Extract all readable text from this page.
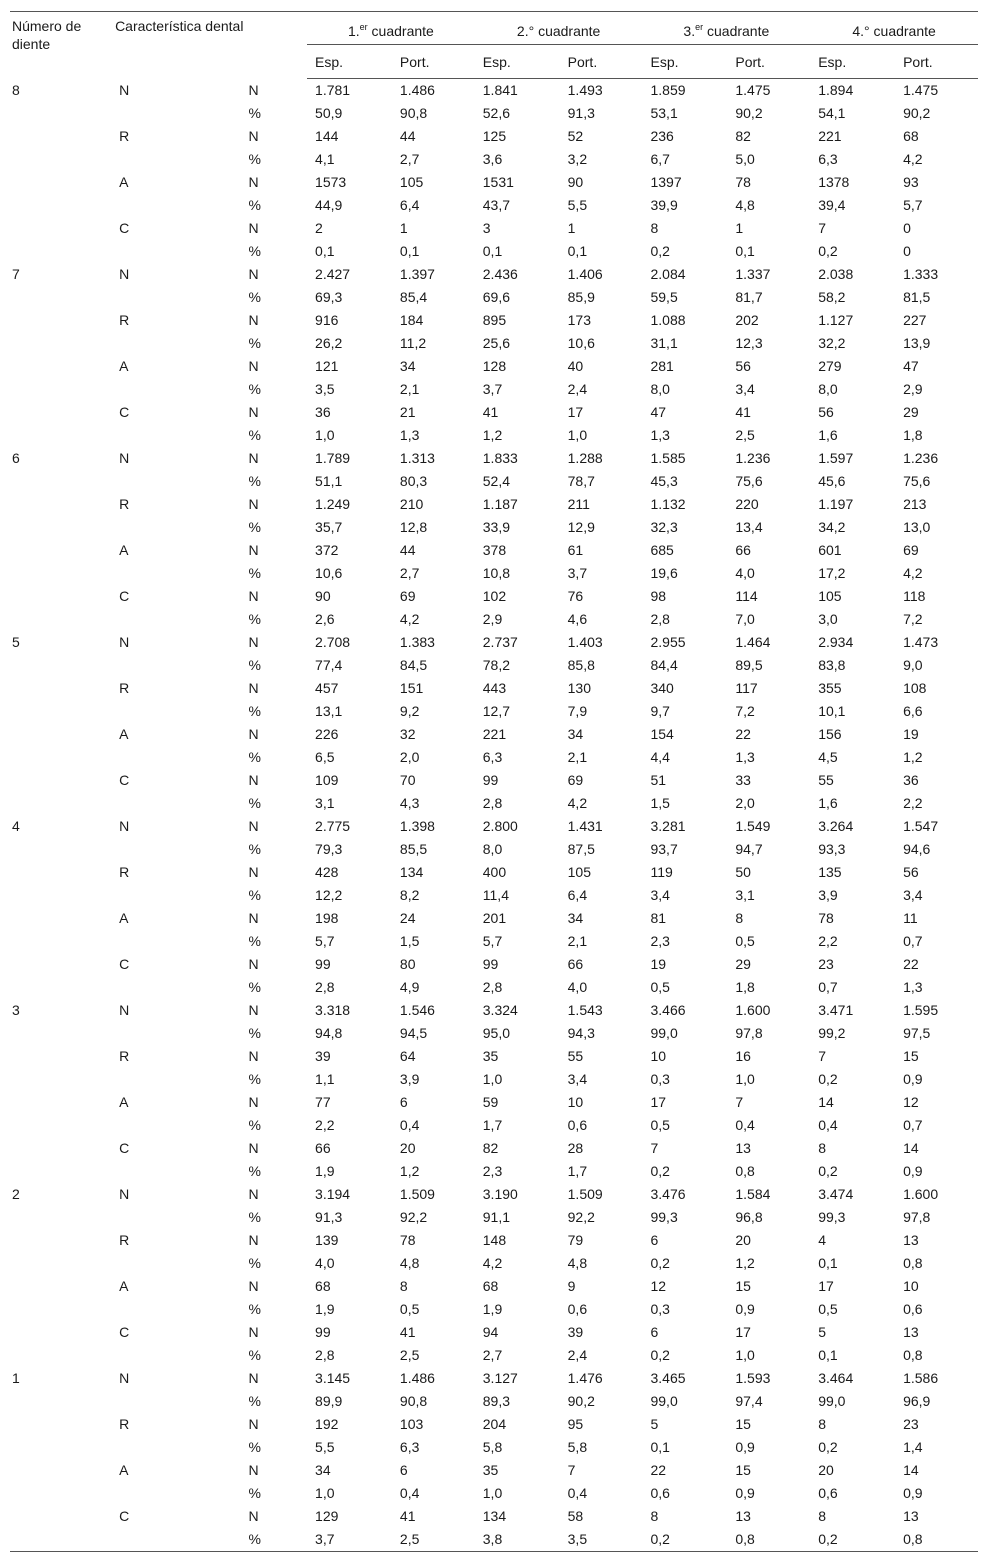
Número de diente	Característica dental		1.$^{er}$ cuadrante		2.° cuadrante		3.$^{er}$ cuadrante		4.° cuadrante	
			Esp.	Port.	Esp.	Port.	Esp.	Port.	Esp.	Port.
8	N	N	1.781	1.486	1.841	1.493	1.859	1.475	1.894	1.475
		%	50,9	90,8	52,6	91,3	53,1	90,2	54,1	90,2
	R	N	144	44	125	52	236	82	221	68
		%	4,1	2,7	3,6	3,2	6,7	5,0	6,3	4,2
	A	N	1573	105	1531	90	1397	78	1378	93
		%	44,9	6,4	43,7	5,5	39,9	4,8	39,4	5,7
	C	N	2	1	3	1	8	1	7	0
		%	0,1	0,1	0,1	0,1	0,2	0,1	0,2	0
7	N	N	2.427	1.397	2.436	1.406	2.084	1.337	2.038	1.333
		%	69,3	85,4	69,6	85,9	59,5	81,7	58,2	81,5
	R	N	916	184	895	173	1.088	202	1.127	227
		%	26,2	11,2	25,6	10,6	31,1	12,3	32,2	13,9
	A	N	121	34	128	40	281	56	279	47
		%	3,5	2,1	3,7	2,4	8,0	3,4	8,0	2,9
	C	N	36	21	41	17	47	41	56	29
		%	1,0	1,3	1,2	1,0	1,3	2,5	1,6	1,8
6	N	N	1.789	1.313	1.833	1.288	1.585	1.236	1.597	1.236
		%	51,1	80,3	52,4	78,7	45,3	75,6	45,6	75,6
	R	N	1.249	210	1.187	211	1.132	220	1.197	213
		%	35,7	12,8	33,9	12,9	32,3	13,4	34,2	13,0
	A	N	372	44	378	61	685	66	601	69
		%	10,6	2,7	10,8	3,7	19,6	4,0	17,2	4,2
	C	N	90	69	102	76	98	114	105	118
		%	2,6	4,2	2,9	4,6	2,8	7,0	3,0	7,2
5	N	N	2.708	1.383	2.737	1.403	2.955	1.464	2.934	1.473
		%	77,4	84,5	78,2	85,8	84,4	89,5	83,8	9,0
	R	N	457	151	443	130	340	117	355	108
		%	13,1	9,2	12,7	7,9	9,7	7,2	10,1	6,6
	A	N	226	32	221	34	154	22	156	19
		%	6,5	2,0	6,3	2,1	4,4	1,3	4,5	1,2
	C	N	109	70	99	69	51	33	55	36
		%	3,1	4,3	2,8	4,2	1,5	2,0	1,6	2,2
4	N	N	2.775	1.398	2.800	1.431	3.281	1.549	3.264	1.547
		%	79,3	85,5	8,0	87,5	93,7	94,7	93,3	94,6
	R	N	428	134	400	105	119	50	135	56
		%	12,2	8,2	11,4	6,4	3,4	3,1	3,9	3,4
	A	N	198	24	201	34	81	8	78	11
		%	5,7	1,5	5,7	2,1	2,3	0,5	2,2	0,7
	C	N	99	80	99	66	19	29	23	22
		%	2,8	4,9	2,8	4,0	0,5	1,8	0,7	1,3
3	N	N	3.318	1.546	3.324	1.543	3.466	1.600	3.471	1.595
		%	94,8	94,5	95,0	94,3	99,0	97,8	99,2	97,5
	R	N	39	64	35	55	10	16	7	15
		%	1,1	3,9	1,0	3,4	0,3	1,0	0,2	0,9
	A	N	77	6	59	10	17	7	14	12
		%	2,2	0,4	1,7	0,6	0,5	0,4	0,4	0,7
	C	N	66	20	82	28	7	13	8	14
		%	1,9	1,2	2,3	1,7	0,2	0,8	0,2	0,9
2	N	N	3.194	1.509	3.190	1.509	3.476	1.584	3.474	1.600
		%	91,3	92,2	91,1	92,2	99,3	96,8	99,3	97,8
	R	N	139	78	148	79	6	20	4	13
		%	4,0	4,8	4,2	4,8	0,2	1,2	0,1	0,8
	A	N	68	8	68	9	12	15	17	10
		%	1,9	0,5	1,9	0,6	0,3	0,9	0,5	0,6
	C	N	99	41	94	39	6	17	5	13
		%	2,8	2,5	2,7	2,4	0,2	1,0	0,1	0,8
1	N	N	3.145	1.486	3.127	1.476	3.465	1.593	3.464	1.586
		%	89,9	90,8	89,3	90,2	99,0	97,4	99,0	96,9
	R	N	192	103	204	95	5	15	8	23
		%	5,5	6,3	5,8	5,8	0,1	0,9	0,2	1,4
	A	N	34	6	35	7	22	15	20	14
		%	1,0	0,4	1,0	0,4	0,6	0,9	0,6	0,9
	C	N	129	41	134	58	8	13	8	13
		%	3,7	2,5	3,8	3,5	0,2	0,8	0,2	0,8
